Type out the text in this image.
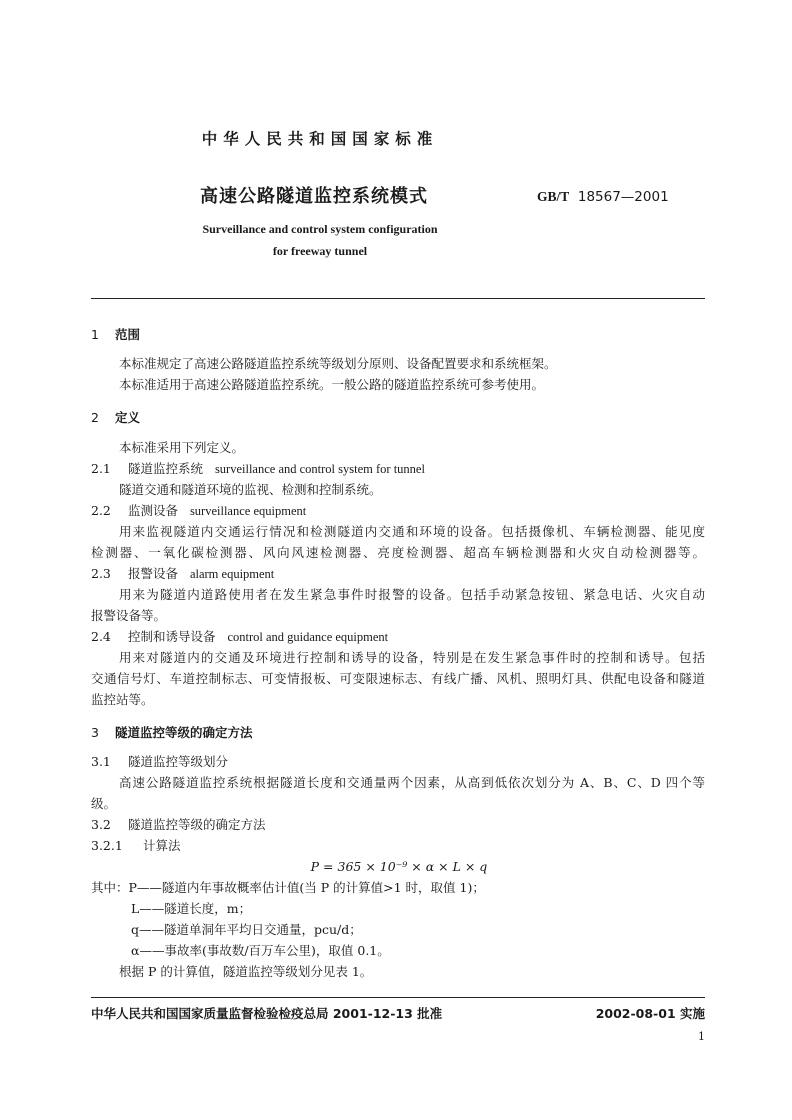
中华人民共和国国家标准
高速公路隧道监控系统模式	GB/T 18567—2001
Surveillance and control system configuration
for freeway tunnel
1 范围
本标准规定了高速公路隧道监控系统等级划分原则、设备配置要求和系统框架。
本标准适用于高速公路隧道监控系统。一般公路的隧道监控系统可参考使用。
2 定义
本标准采用下列定义。
2.1 隧道监控系统 surveillance and control system for tunnel
隧道交通和隧道环境的监视、检测和控制系统。
2.2 监测设备 surveillance equipment
用来监视隧道内交通运行情况和检测隧道内交通和环境的设备。包括摄像机、车辆检测器、能见度
检测器、一氧化碳检测器、风向风速检测器、亮度检测器、超高车辆检测器和火灾自动检测器等。
2.3 报警设备 alarm equipment
用来为隧道内道路使用者在发生紧急事件时报警的设备。包括手动紧急按钮、紧急电话、火灾自动
报警设备等。
2.4 控制和诱导设备 control and guidance equipment
用来对隧道内的交通及环境进行控制和诱导的设备，特别是在发生紧急事件时的控制和诱导。包括
交通信号灯、车道控制标志、可变情报板、可变限速标志、有线广播、风机、照明灯具、供配电设备和隧道
监控站等。
3 隧道监控等级的确定方法
3.1 隧道监控等级划分
高速公路隧道监控系统根据隧道长度和交通量两个因素，从高到低依次划分为 A、B、C、D 四个等
级。
3.2 隧道监控等级的确定方法
3.2.1 计算法
P = 365 × 10⁻⁹ × α × L × q
其中：P——隧道内年事故概率估计值(当 P 的计算值>1 时，取值 1)；
L——隧道长度，m；
q——隧道单洞年平均日交通量，pcu/d；
α——事故率(事故数/百万车公里)，取值 0.1。
根据 P 的计算值，隧道监控等级划分见表 1。
中华人民共和国国家质量监督检验检疫总局 2001-12-13 批准	2002-08-01 实施
1
